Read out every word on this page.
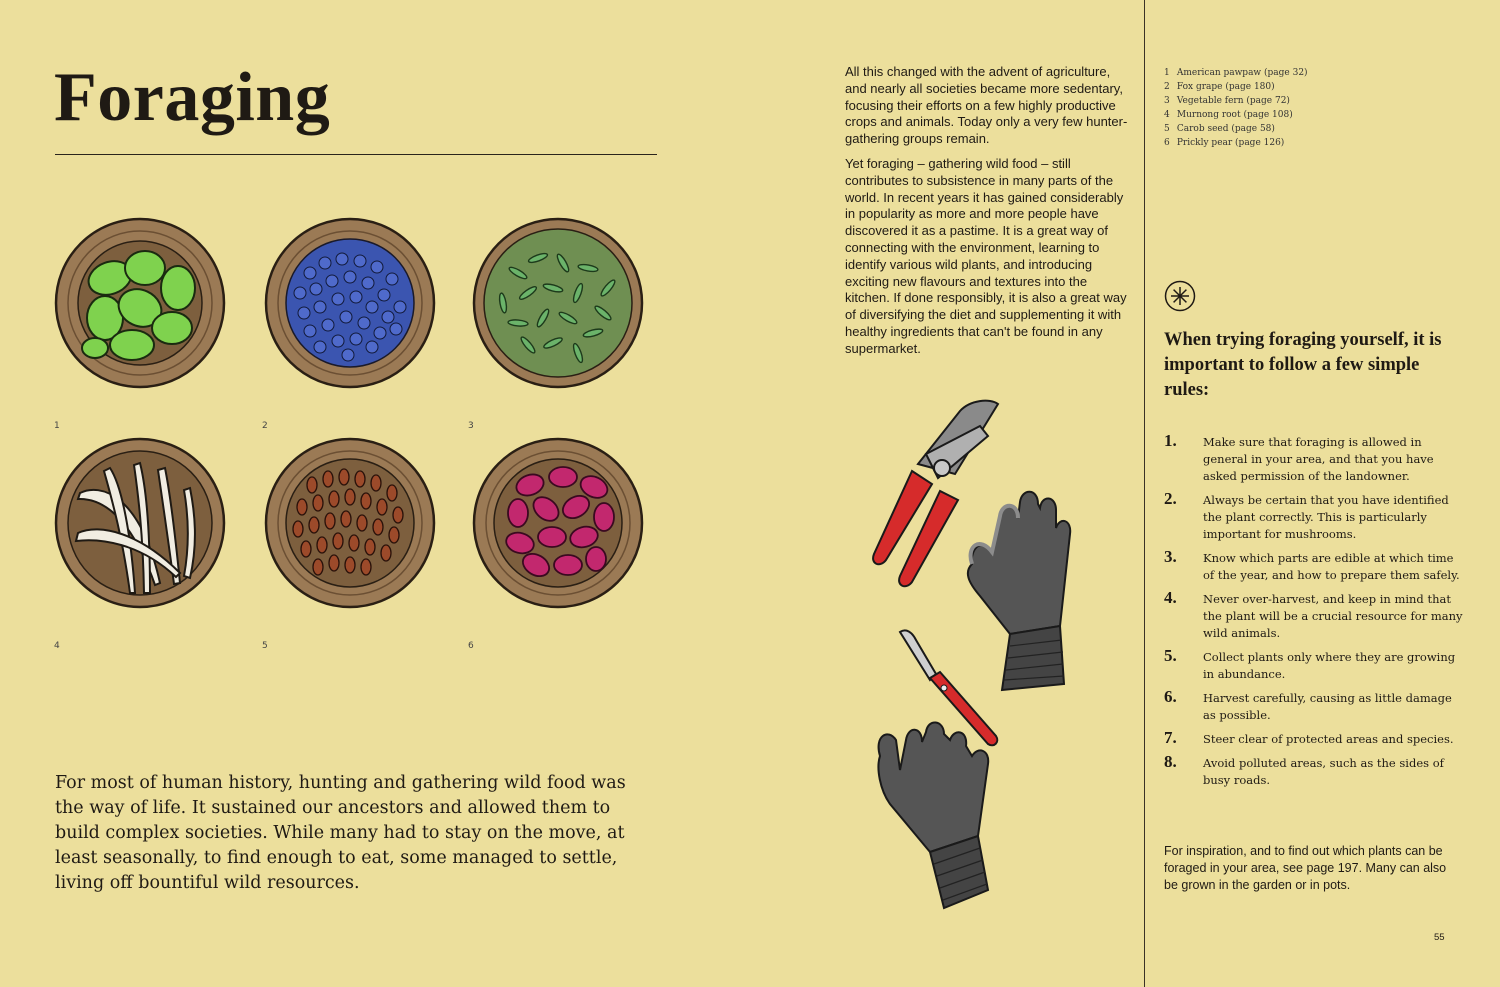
Foraging
1	2	3
4	5	6

For most of human history, hunting and gathering wild food was the way of life. It sustained our ancestors and allowed them to build complex societies. While many had to stay on the move, at least seasonally, to find enough to eat, some managed to settle, living off bountiful wild resources.

All this changed with the advent of agriculture, and nearly all societies became more sedentary, focusing their efforts on a few highly productive crops and animals. Today only a very few hunter-gathering groups remain.

Yet foraging – gathering wild food – still contributes to subsistence in many parts of the world. In recent years it has gained considerably in popularity as more and more people have discovered it as a pastime. It is a great way of connecting with the environment, learning to identify various wild plants, and introducing exciting new flavours and textures into the kitchen. If done responsibly, it is also a great way of diversifying the diet and supplementing it with healthy ingredients that can't be found in any supermarket.

1 American pawpaw (page 32)
2 Fox grape (page 180)
3 Vegetable fern (page 72)
4 Murnong root (page 108)
5 Carob seed (page 58)
6 Prickly pear (page 126)
When trying foraging yourself, it is important to follow a few simple rules:
1. Make sure that foraging is allowed in general in your area, and that you have asked permission of the landowner.
2. Always be certain that you have identified the plant correctly. This is particularly important for mushrooms.
3. Know which parts are edible at which time of the year, and how to prepare them safely.
4. Never over-harvest, and keep in mind that the plant will be a crucial resource for many wild animals.
5. Collect plants only where they are growing in abundance.
6. Harvest carefully, causing as little damage as possible.
7. Steer clear of protected areas and species.
8. Avoid polluted areas, such as the sides of busy roads.

For inspiration, and to find out which plants can be foraged in your area, see page 197. Many can also be grown in the garden or in pots.

55
